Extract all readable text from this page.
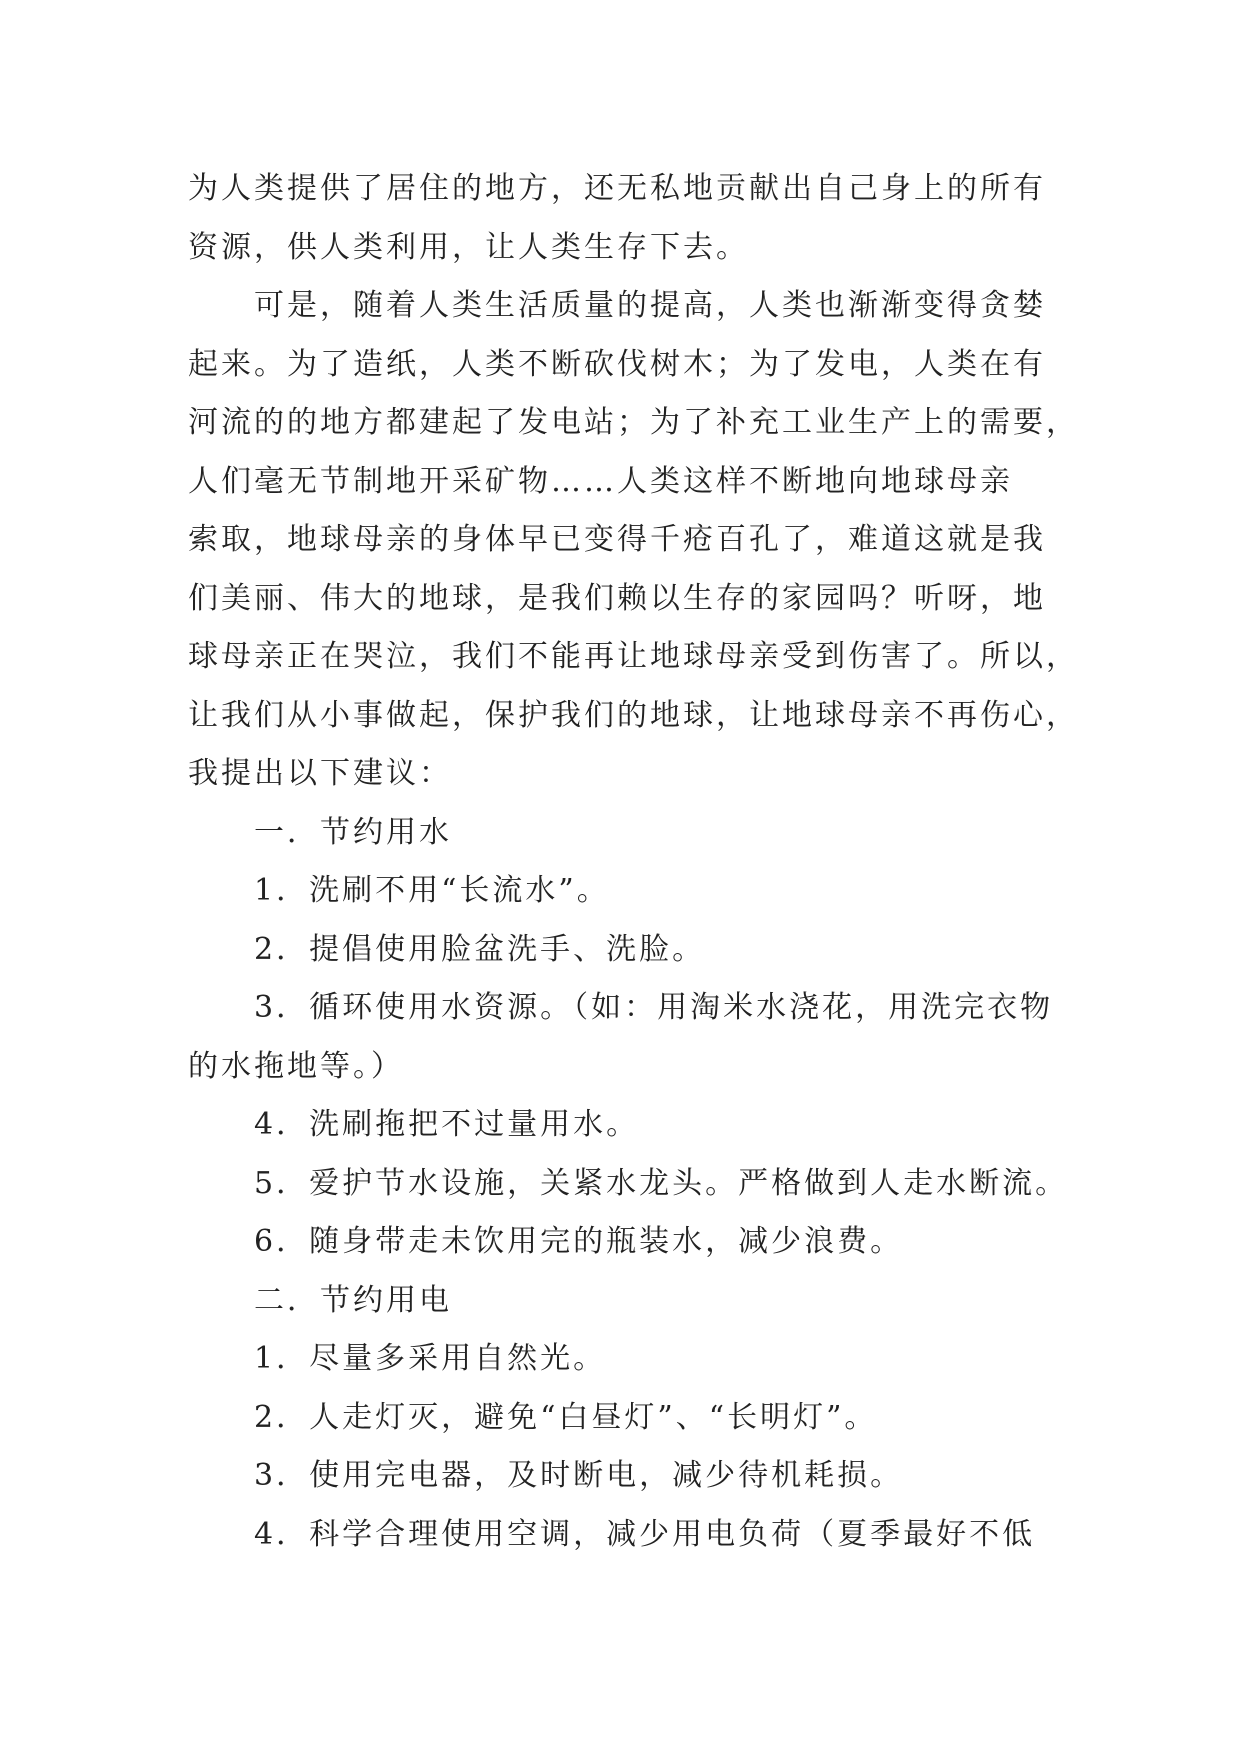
为人类提供了居住的地方，还无私地贡献出自己身上的所有
资源，供人类利用，让人类生存下去。
可是，随着人类生活质量的提高，人类也渐渐变得贪婪
起来。为了造纸，人类不断砍伐树木；为了发电，人类在有
河流的的地方都建起了发电站；为了补充工业生产上的需要，
人们毫无节制地开采矿物……人类这样不断地向地球母亲
索取，地球母亲的身体早已变得千疮百孔了，难道这就是我
们美丽、伟大的地球，是我们赖以生存的家园吗？听呀，地
球母亲正在哭泣，我们不能再让地球母亲受到伤害了。所以，
让我们从小事做起，保护我们的地球，让地球母亲不再伤心，
我提出以下建议：
一．节约用水
1．洗刷不用“长流水”。
2．提倡使用脸盆洗手、洗脸。
3．循环使用水资源。（如：用淘米水浇花，用洗完衣物
的水拖地等。）
4．洗刷拖把不过量用水。
5．爱护节水设施，关紧水龙头。严格做到人走水断流。
6．随身带走未饮用完的瓶装水，减少浪费。
二．节约用电
1．尽量多采用自然光。
2．人走灯灭，避免“白昼灯”、“长明灯”。
3．使用完电器，及时断电，减少待机耗损。
4．科学合理使用空调，减少用电负荷（夏季最好不低
